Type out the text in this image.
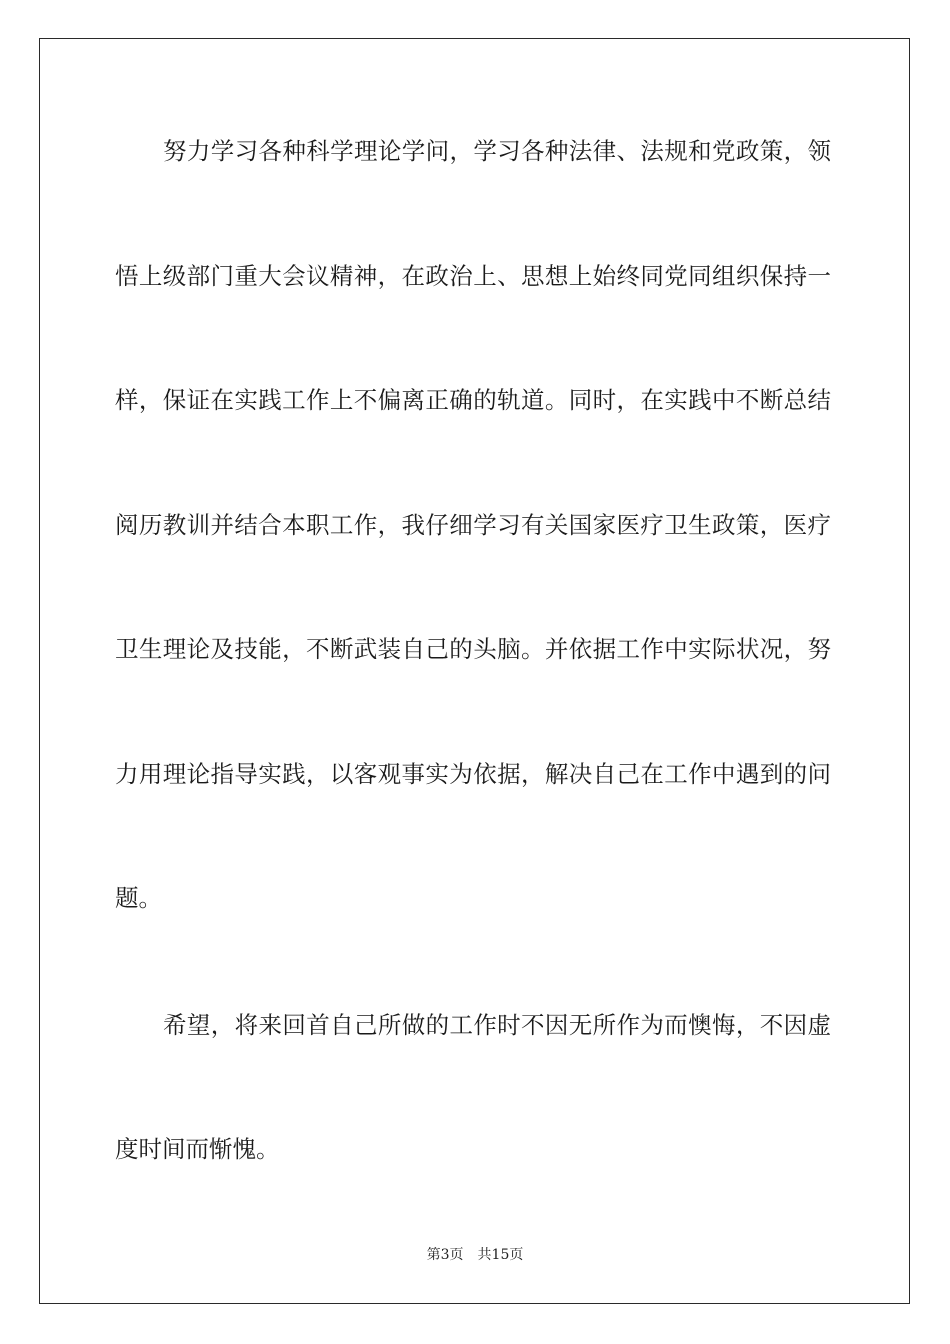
努力学习各种科学理论学问，学习各种法律、法规和党政策，领
悟上级部门重大会议精神，在政治上、思想上始终同党同组织保持一
样，保证在实践工作上不偏离正确的轨道。同时，在实践中不断总结
阅历教训并结合本职工作，我仔细学习有关国家医疗卫生政策，医疗
卫生理论及技能，不断武装自己的头脑。并依据工作中实际状况，努
力用理论指导实践，以客观事实为依据，解决自己在工作中遇到的问
题。
希望，将来回首自己所做的工作时不因无所作为而懊悔，不因虚
度时间而惭愧。
第3页 共15页
